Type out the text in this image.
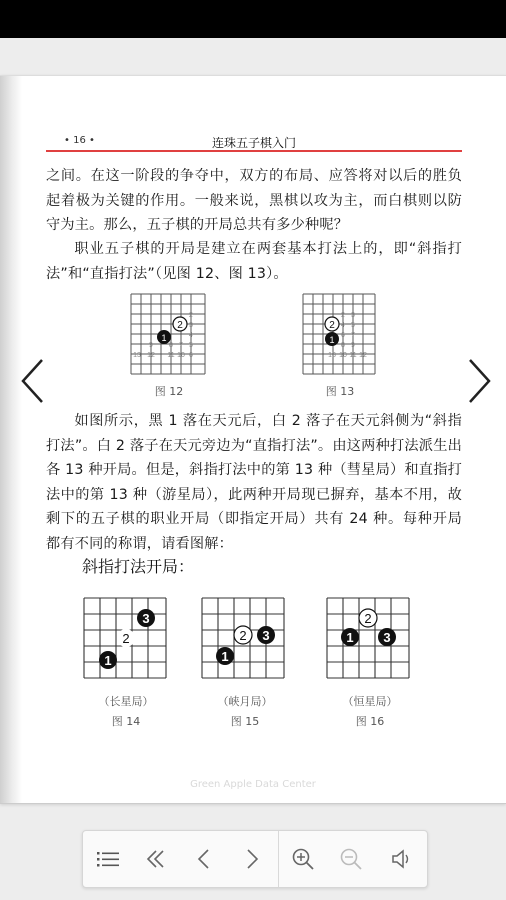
• 16 •	连珠五子棋入门

之间。在这一阶段的争夺中，双方的布局、应答将对以后的胜负起着极为关键的作用。一般来说，黑棋以攻为主，而白棋则以防守为主。那么，五子棋的开局总共有多少种呢？

职业五子棋的开局是建立在两套基本打法上的，即“斜指打法”和“直指打法”（见图 12、图 13）。

2
1
2
3
4
5
6
7
8
9
10
11
12
13
图 12
2
1
2 3
4 5
6 7
8 9
10 11 12
13
图 13

如图所示，黑 1 落在天元后，白 2 落子在天元斜侧为“斜指打法”。白 2 落子在天元旁边为“直指打法”。由这两种打法派生出各 13 种开局。但是，斜指打法中的第 13 种（彗星局）和直指打法中的第 13 种（游星局），此两种开局现已摒弃，基本不用，故剩下的五子棋的职业开局（即指定开局）共有 24 种。每种开局都有不同的称谓，请看图解：

斜指打法开局：
1
2
3
（长星局）
图 14
1
2 3
（峡月局）
图 15
1
2
3
（恒星局）
图 16
Green Apple Data Center
